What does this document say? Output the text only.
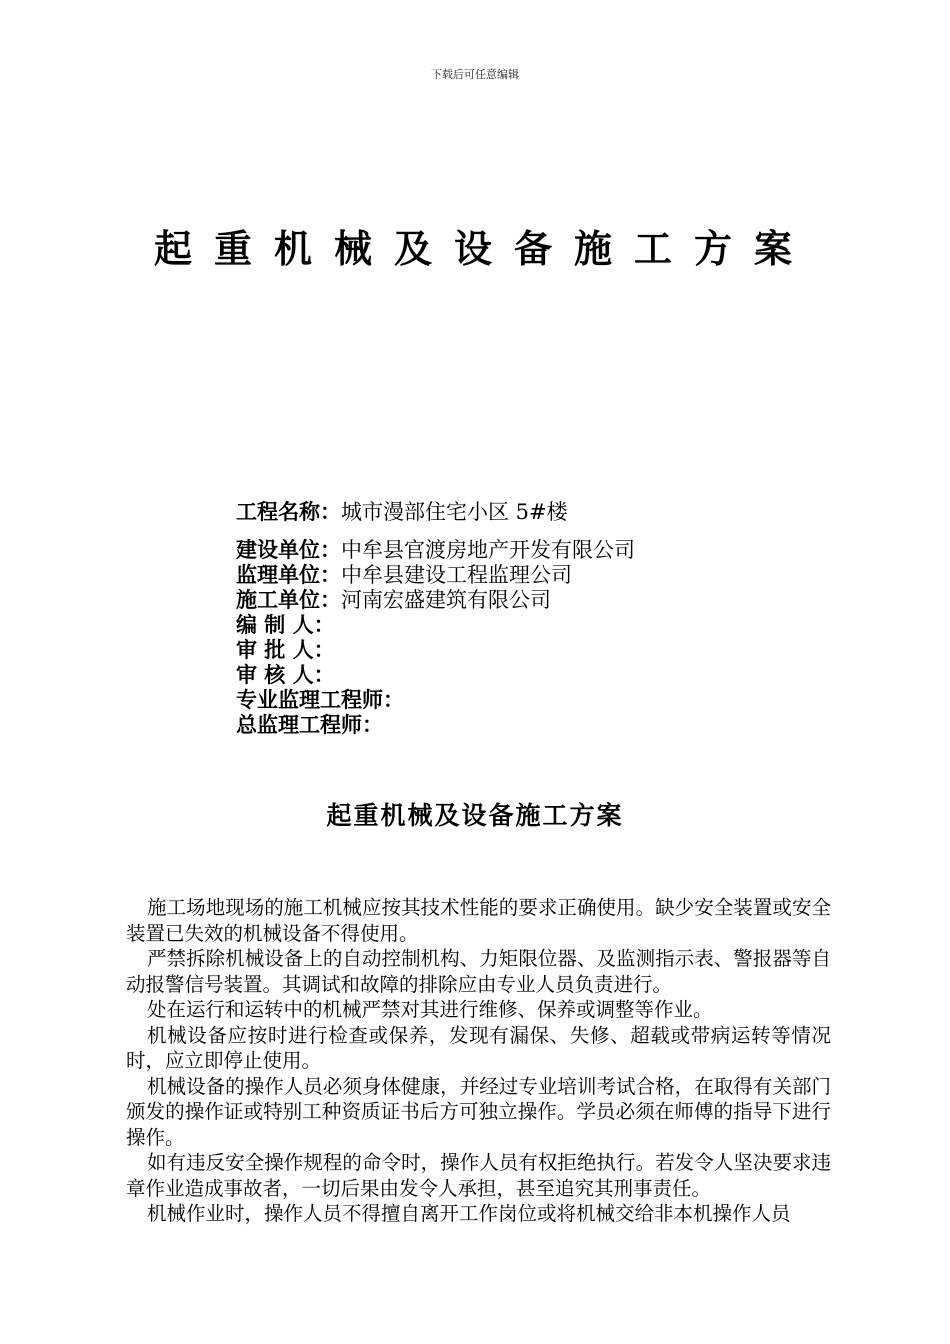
下载后可任意编辑
起重机械及设备施工方案
工程名称：城市漫部住宅小区 5#楼
建设单位：中牟县官渡房地产开发有限公司
监理单位：中牟县建设工程监理公司
施工单位：河南宏盛建筑有限公司
编 制 人：
审 批 人：
审 核 人：
专业监理工程师：
总监理工程师：
起重机械及设备施工方案

施工场地现场的施工机械应按其技术性能的要求正确使用。缺少安全装置或安全装置已失效的机械设备不得使用。

严禁拆除机械设备上的自动控制机构、力矩限位器、及监测指示表、警报器等自动报警信号装置。其调试和故障的排除应由专业人员负责进行。

处在运行和运转中的机械严禁对其进行维修、保养或调整等作业。

机械设备应按时进行检查或保养，发现有漏保、失修、超载或带病运转等情况时，应立即停止使用。

机械设备的操作人员必须身体健康，并经过专业培训考试合格，在取得有关部门颁发的操作证或特别工种资质证书后方可独立操作。学员必须在师傅的指导下进行操作。

如有违反安全操作规程的命令时，操作人员有权拒绝执行。若发令人坚决要求违章作业造成事故者，一切后果由发令人承担，甚至追究其刑事责任。

机械作业时，操作人员不得擅自离开工作岗位或将机械交给非本机操作人员
